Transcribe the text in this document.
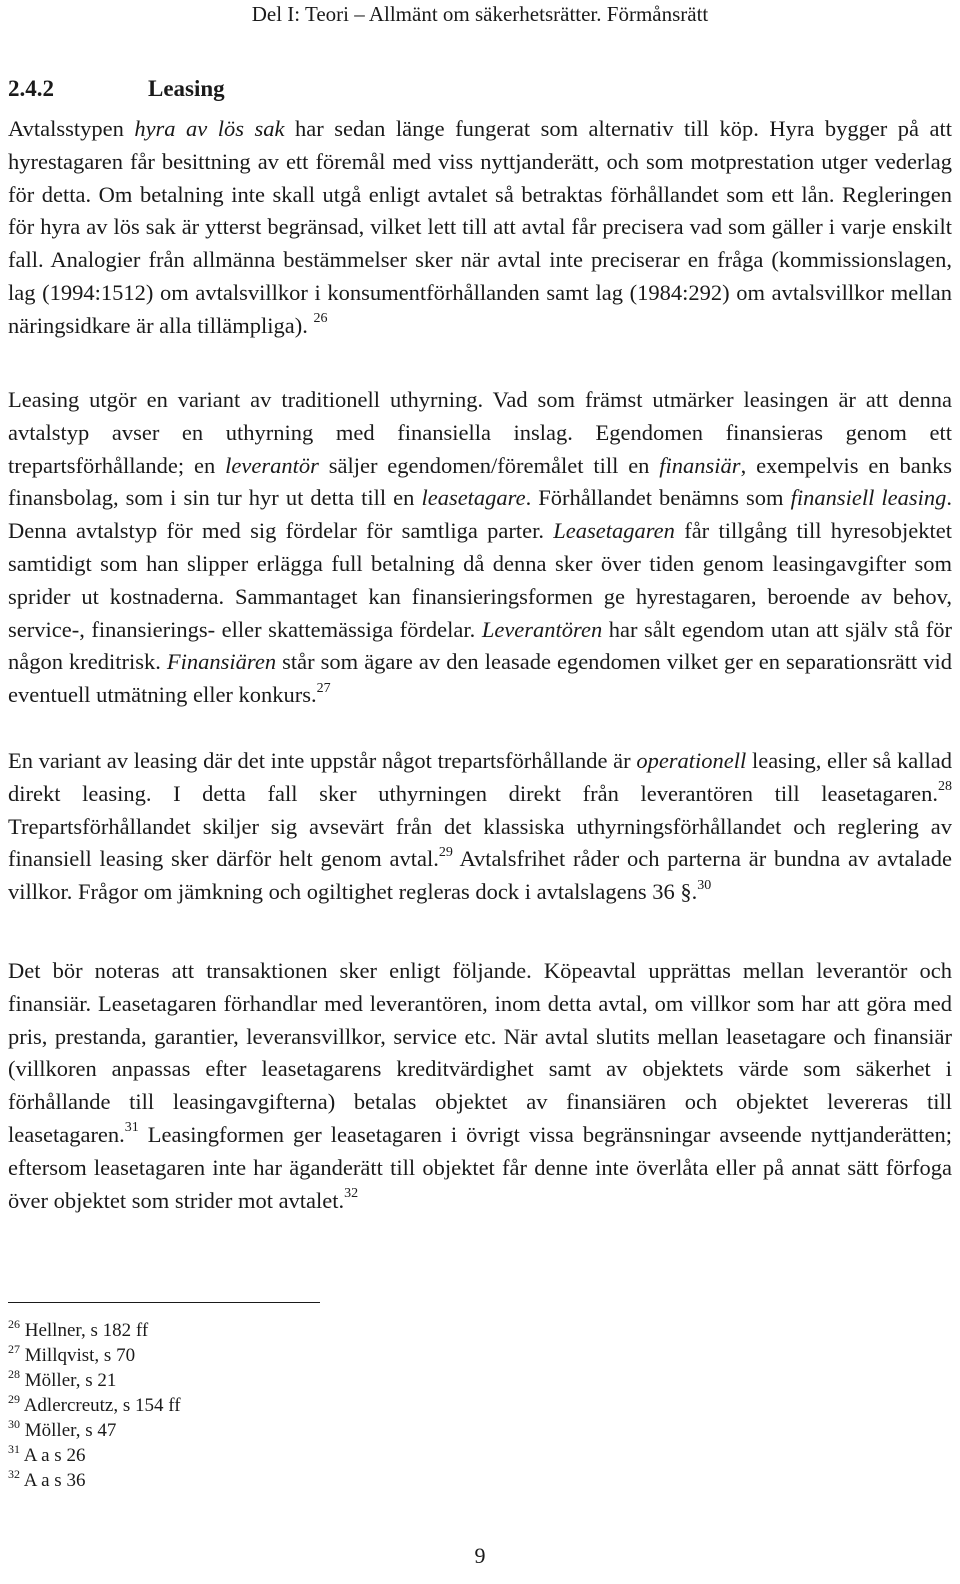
Del I: Teori – Allmänt om säkerhetsrätter. Förmånsrätt
2.4.2	Leasing

Avtalsstypen hyra av lös sak har sedan länge fungerat som alternativ till köp. Hyra bygger på att hyrestagaren får besittning av ett föremål med viss nyttjanderätt, och som motprestation utger vederlag för detta. Om betalning inte skall utgå enligt avtalet så betraktas förhållandet som ett lån. Regleringen för hyra av lös sak är ytterst begränsad, vilket lett till att avtal får precisera vad som gäller i varje enskilt fall. Analogier från allmänna bestämmelser sker när avtal inte preciserar en fråga (kommissionslagen, lag (1994:1512) om avtalsvillkor i konsumentförhållanden samt lag (1984:292) om avtalsvillkor mellan näringsidkare är alla tillämpliga). $^{26}$

Leasing utgör en variant av traditionell uthyrning. Vad som främst utmärker leasingen är att denna avtalstyp avser en uthyrning med finansiella inslag. Egendomen finansieras genom ett trepartsförhållande; en leverantör säljer egendomen/föremålet till en finansiär, exempelvis en banks finansbolag, som i sin tur hyr ut detta till en leasetagare. Förhållandet benämns som finansiell leasing. Denna avtalstyp för med sig fördelar för samtliga parter. Leasetagaren får tillgång till hyresobjektet samtidigt som han slipper erlägga full betalning då denna sker över tiden genom leasingavgifter som sprider ut kostnaderna. Sammantaget kan finansieringsformen ge hyrestagaren, beroende av behov, service-, finansierings- eller skattemässiga fördelar. Leverantören har sålt egendom utan att själv stå för någon kreditrisk. Finansiären står som ägare av den leasade egendomen vilket ger en separationsrätt vid eventuell utmätning eller konkurs.$^{27}$

En variant av leasing där det inte uppstår något trepartsförhållande är operationell leasing, eller så kallad direkt leasing. I detta fall sker uthyrningen direkt från leverantören till leasetagaren.$^{28}$ Trepartsförhållandet skiljer sig avsevärt från det klassiska uthyrningsförhållandet och reglering av finansiell leasing sker därför helt genom avtal.$^{29}$ Avtalsfrihet råder och parterna är bundna av avtalade villkor. Frågor om jämkning och ogiltighet regleras dock i avtalslagens 36 §.$^{30}$

Det bör noteras att transaktionen sker enligt följande. Köpeavtal upprättas mellan leverantör och finansiär. Leasetagaren förhandlar med leverantören, inom detta avtal, om villkor som har att göra med pris, prestanda, garantier, leveransvillkor, service etc. När avtal slutits mellan leasetagare och finansiär (villkoren anpassas efter leasetagarens kreditvärdighet samt av objektets värde som säkerhet i förhållande till leasingavgifterna) betalas objektet av finansiären och objektet levereras till leasetagaren.$^{31}$ Leasingformen ger leasetagaren i övrigt vissa begränsningar avseende nyttjanderätten; eftersom leasetagaren inte har äganderätt till objektet får denne inte överlåta eller på annat sätt förfoga över objektet som strider mot avtalet.$^{32}$

$^{26}$ Hellner, s 182 ff
$^{27}$ Millqvist, s 70
$^{28}$ Möller, s 21
$^{29}$ Adlercreutz, s 154 ff
$^{30}$ Möller, s 47
$^{31}$ A a s 26
$^{32}$ A a s 36
9
